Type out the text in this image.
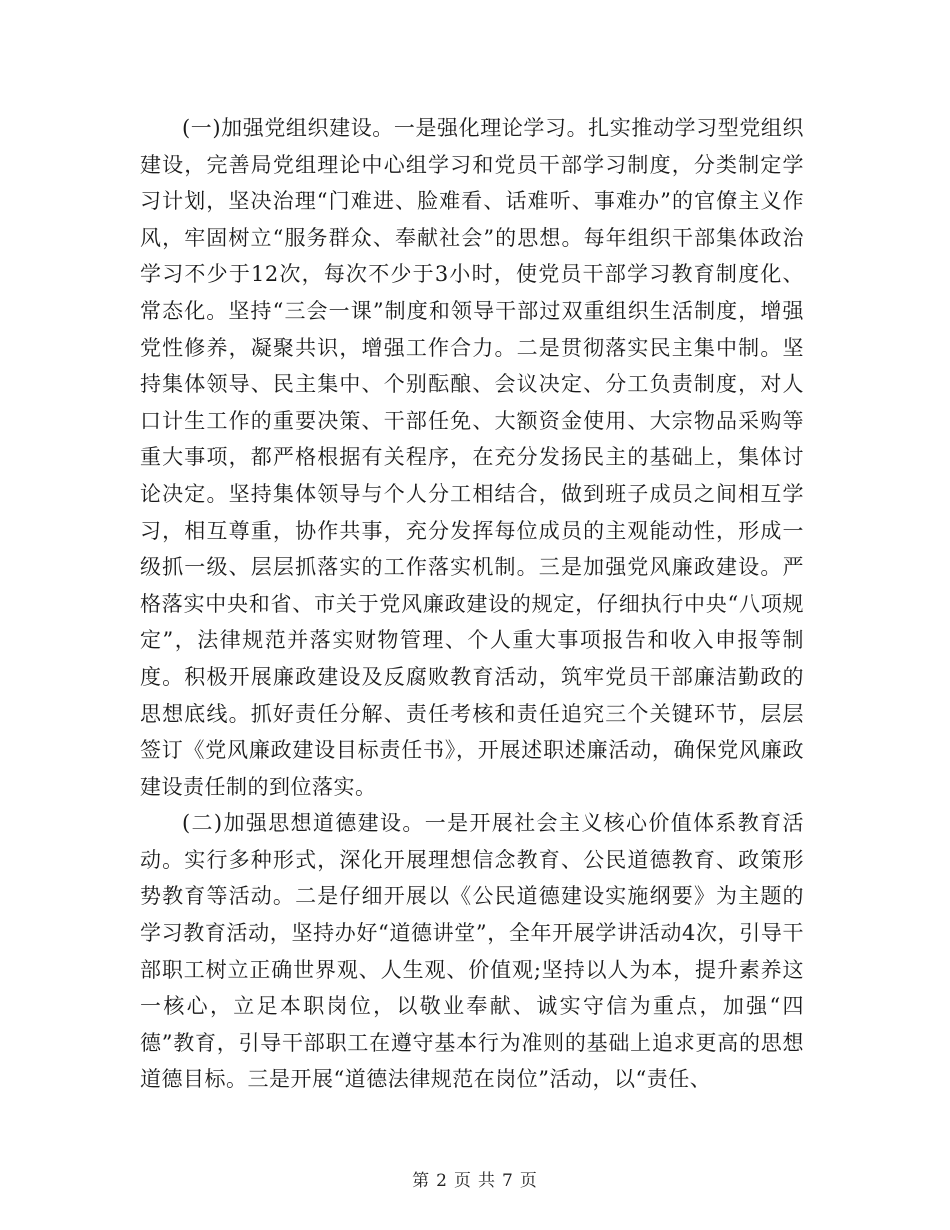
(一)加强党组织建设。一是强化理论学习。扎实推动学习型党组织建设，完善局党组理论中心组学习和党员干部学习制度，分类制定学习计划，坚决治理“门难进、脸难看、话难听、事难办”的官僚主义作风，牢固树立“服务群众、奉献社会”的思想。每年组织干部集体政治学习不少于12次，每次不少于3小时，使党员干部学习教育制度化、常态化。坚持“三会一课”制度和领导干部过双重组织生活制度，增强党性修养，凝聚共识，增强工作合力。二是贯彻落实民主集中制。坚持集体领导、民主集中、个别酝酿、会议决定、分工负责制度，对人口计生工作的重要决策、干部任免、大额资金使用、大宗物品采购等重大事项，都严格根据有关程序，在充分发扬民主的基础上，集体讨论决定。坚持集体领导与个人分工相结合，做到班子成员之间相互学习，相互尊重，协作共事，充分发挥每位成员的主观能动性，形成一级抓一级、层层抓落实的工作落实机制。三是加强党风廉政建设。严格落实中央和省、市关于党风廉政建设的规定，仔细执行中央“八项规定”，法律规范并落实财物管理、个人重大事项报告和收入申报等制度。积极开展廉政建设及反腐败教育活动，筑牢党员干部廉洁勤政的思想底线。抓好责任分解、责任考核和责任追究三个关键环节，层层签订《党风廉政建设目标责任书》，开展述职述廉活动，确保党风廉政建设责任制的到位落实。

(二)加强思想道德建设。一是开展社会主义核心价值体系教育活动。实行多种形式，深化开展理想信念教育、公民道德教育、政策形势教育等活动。二是仔细开展以《公民道德建设实施纲要》为主题的学习教育活动，坚持办好“道德讲堂”，全年开展学讲活动4次，引导干部职工树立正确世界观、人生观、价值观;坚持以人为本，提升素养这一核心，立足本职岗位，以敬业奉献、诚实守信为重点，加强“四德”教育，引导干部职工在遵守基本行为准则的基础上追求更高的思想道德目标。三是开展“道德法律规范在岗位”活动，以“责任、

第 2 页 共 7 页
